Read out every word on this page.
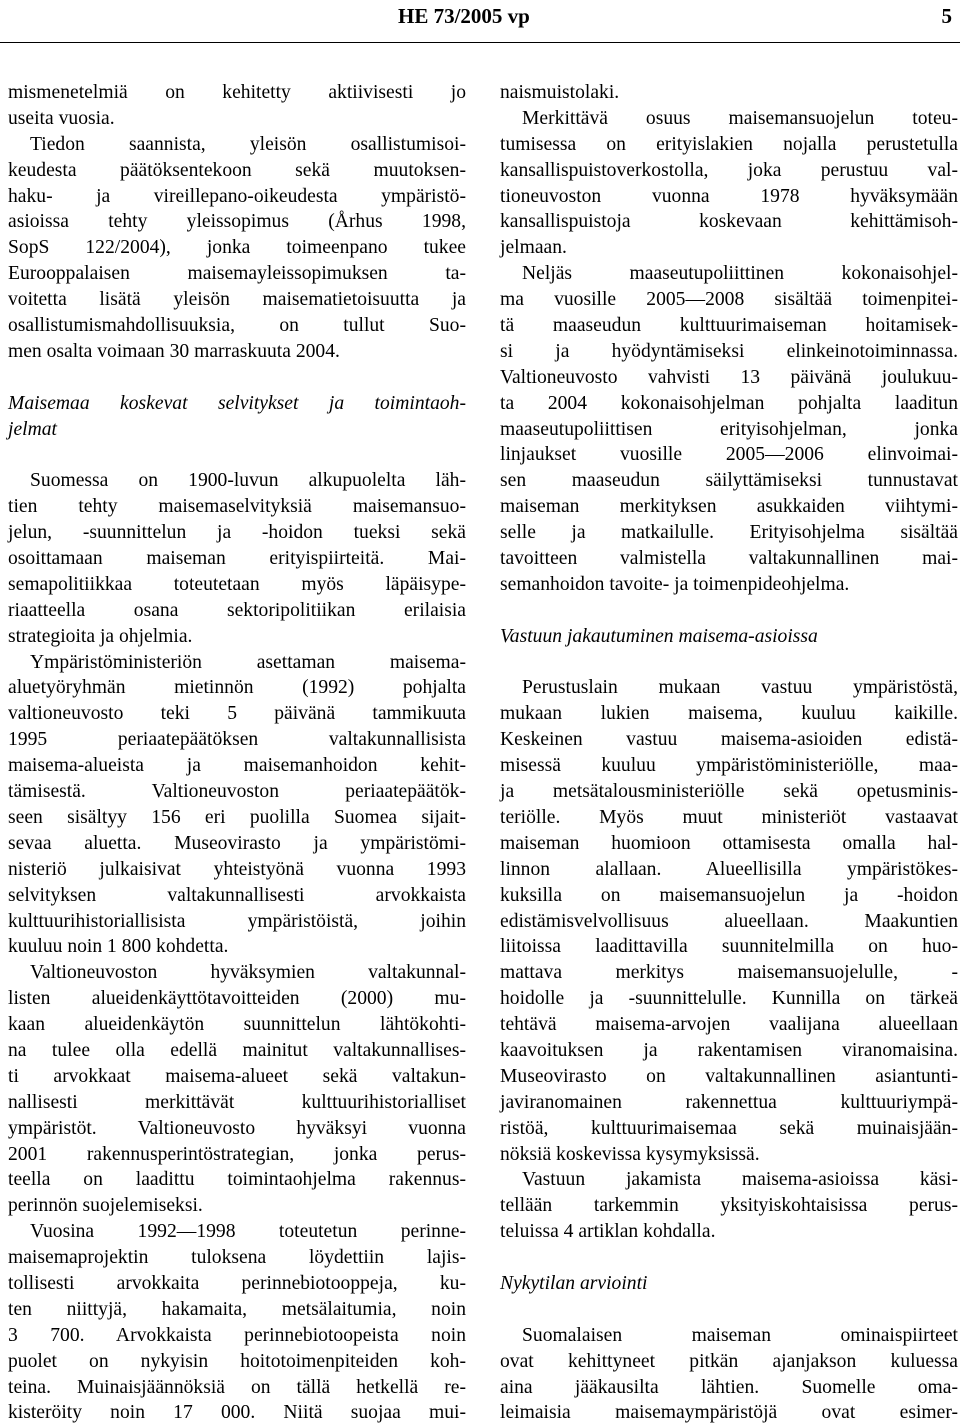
HE 73/2005 vp	5
mismenetelmiä on kehitetty aktiivisesti jo
useita vuosia.
Tiedon saannista, yleisön osallistumisoi-
keudesta päätöksentekoon sekä muutoksen-
haku- ja vireillepano-oikeudesta ympäristö-
asioissa tehty yleissopimus (Århus 1998,
SopS 122/2004), jonka toimeenpano tukee
Eurooppalaisen maisemayleissopimuksen ta-
voitetta lisätä yleisön maisematietoisuutta ja
osallistumismahdollisuuksia, on tullut Suo-
men osalta voimaan 30 marraskuuta 2004.
Maisemaa koskevat selvitykset ja toimintaoh-
jelmat
Suomessa on 1900-luvun alkupuolelta läh-
tien tehty maisemaselvityksiä maisemansuo-
jelun, -suunnittelun ja -hoidon tueksi sekä
osoittamaan maiseman erityispiirteitä. Mai-
semapolitiikkaa toteutetaan myös läpäisype-
riaatteella osana sektoripolitiikan erilaisia
strategioita ja ohjelmia.
Ympäristöministeriön asettaman maisema-
aluetyöryhmän mietinnön (1992) pohjalta
valtioneuvosto teki 5 päivänä tammikuuta
1995 periaatepäätöksen valtakunnallisista
maisema-alueista ja maisemanhoidon kehit-
tämisestä. Valtioneuvoston periaatepäätök-
seen sisältyy 156 eri puolilla Suomea sijait-
sevaa aluetta. Museovirasto ja ympäristömi-
nisteriö julkaisivat yhteistyönä vuonna 1993
selvityksen valtakunnallisesti arvokkaista
kulttuurihistoriallisista ympäristöistä, joihin
kuuluu noin 1 800 kohdetta.
Valtioneuvoston hyväksymien valtakunnal-
listen alueidenkäyttötavoitteiden (2000) mu-
kaan alueidenkäytön suunnittelun lähtökohti-
na tulee olla edellä mainitut valtakunnallises-
ti arvokkaat maisema-alueet sekä valtakun-
nallisesti merkittävät kulttuurihistorialliset
ympäristöt. Valtioneuvosto hyväksyi vuonna
2001 rakennusperintöstrategian, jonka perus-
teella on laadittu toimintaohjelma rakennus-
perinnön suojelemiseksi.
Vuosina 1992—1998 toteutetun perinne-
maisemaprojektin tuloksena löydettiin lajis-
tollisesti arvokkaita perinnebiotooppeja, ku-
ten niittyjä, hakamaita, metsälaitumia, noin
3 700. Arvokkaista perinnebiotoopeista noin
puolet on nykyisin hoitotoimenpiteiden koh-
teina. Muinaisjäännöksiä on tällä hetkellä re-
kisteröity noin 17 000. Niitä suojaa mui-
naismuistolaki.
Merkittävä osuus maisemansuojelun toteu-
tumisessa on erityislakien nojalla perustetulla
kansallispuistoverkostolla, joka perustuu val-
tioneuvoston vuonna 1978 hyväksymään
kansallispuistoja koskevaan kehittämisoh-
jelmaan.
Neljäs maaseutupoliittinen kokonaisohjel-
ma vuosille 2005—2008 sisältää toimenpitei-
tä maaseudun kulttuurimaiseman hoitamisek-
si ja hyödyntämiseksi elinkeinotoiminnassa.
Valtioneuvosto vahvisti 13 päivänä joulukuu-
ta 2004 kokonaisohjelman pohjalta laaditun
maaseutupoliittisen erityisohjelman, jonka
linjaukset vuosille 2005—2006 elinvoimai-
sen maaseudun säilyttämiseksi tunnustavat
maiseman merkityksen asukkaiden viihtymi-
selle ja matkailulle. Erityisohjelma sisältää
tavoitteen valmistella valtakunnallinen mai-
semanhoidon tavoite- ja toimenpideohjelma.
Vastuun jakautuminen maisema-asioissa
Perustuslain mukaan vastuu ympäristöstä,
mukaan lukien maisema, kuuluu kaikille.
Keskeinen vastuu maisema-asioiden edistä-
misessä kuuluu ympäristöministeriölle, maa-
ja metsätalousministeriölle sekä opetusminis-
teriölle. Myös muut ministeriöt vastaavat
maiseman huomioon ottamisesta omalla hal-
linnon alallaan. Alueellisilla ympäristökes-
kuksilla on maisemansuojelun ja -hoidon
edistämisvelvollisuus alueellaan. Maakuntien
liitoissa laadittavilla suunnitelmilla on huo-
mattava merkitys maisemansuojelulle, -
hoidolle ja -suunnittelulle. Kunnilla on tärkeä
tehtävä maisema-arvojen vaalijana alueellaan
kaavoituksen ja rakentamisen viranomaisina.
Museovirasto on valtakunnallinen asiantunti-
javiranomainen rakennettua kulttuuriympä-
ristöä, kulttuurimaisemaa sekä muinaisjään-
nöksiä koskevissa kysymyksissä.
Vastuun jakamista maisema-asioissa käsi-
tellään tarkemmin yksityiskohtaisissa perus-
teluissa 4 artiklan kohdalla.
Nykytilan arviointi
Suomalaisen maiseman ominaispiirteet
ovat kehittyneet pitkän ajanjakson kuluessa
aina jääkausilta lähtien. Suomelle oma-
leimaisia maisemaympäristöjä ovat esimer-
